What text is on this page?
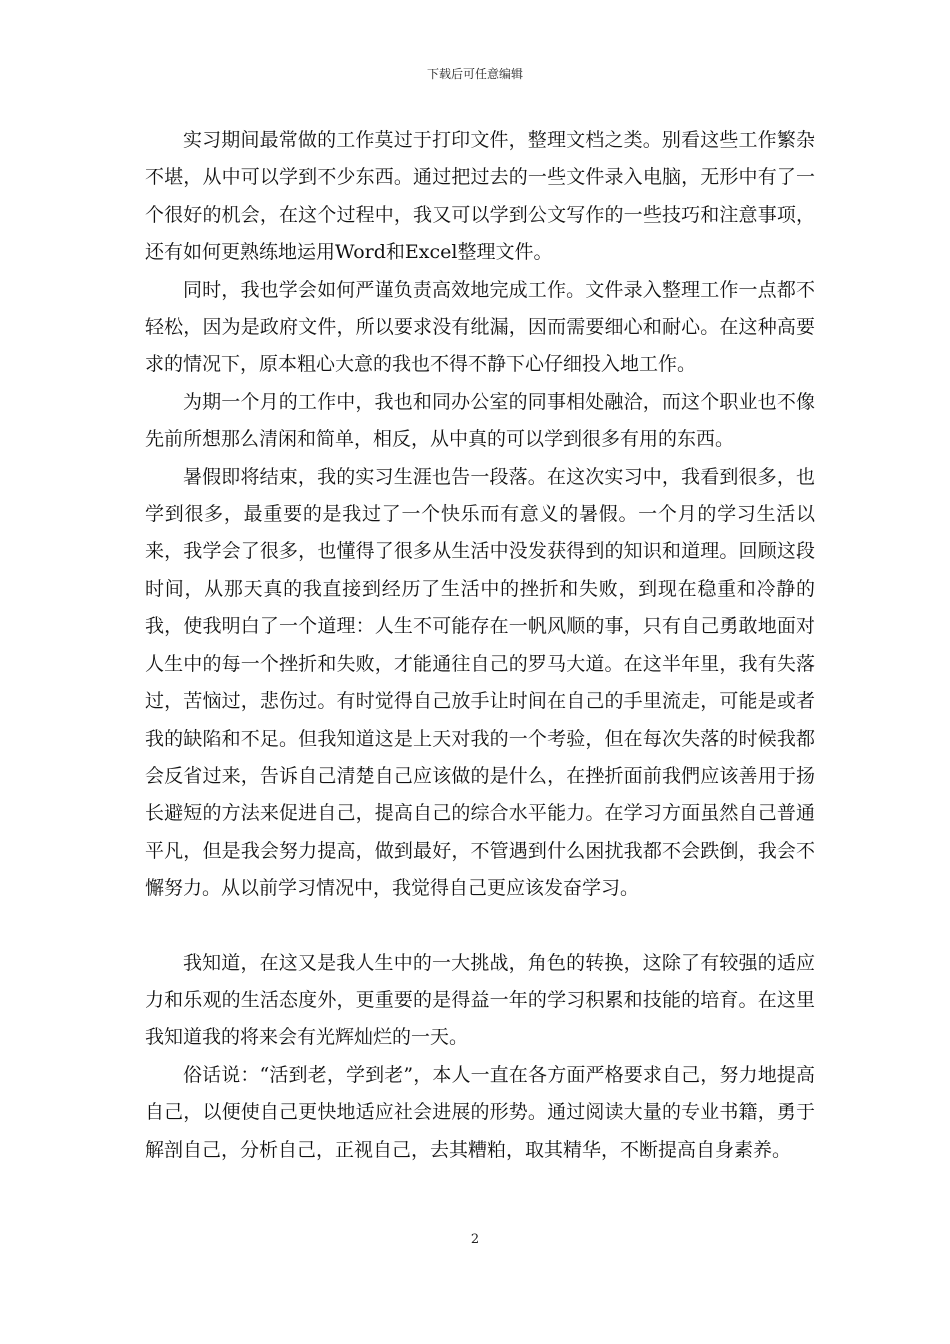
下载后可任意编辑

实习期间最常做的工作莫过于打印文件，整理文档之类。别看这些工作繁杂不堪，从中可以学到不少东西。通过把过去的一些文件录入电脑，无形中有了一个很好的机会，在这个过程中，我又可以学到公文写作的一些技巧和注意事项，还有如何更熟练地运用Word和Excel整理文件。

同时，我也学会如何严谨负责高效地完成工作。文件录入整理工作一点都不轻松，因为是政府文件，所以要求没有纰漏，因而需要细心和耐心。在这种高要求的情况下，原本粗心大意的我也不得不静下心仔细投入地工作。

为期一个月的工作中，我也和同办公室的同事相处融洽，而这个职业也不像先前所想那么清闲和简单，相反，从中真的可以学到很多有用的东西。

暑假即将结束，我的实习生涯也告一段落。在这次实习中，我看到很多，也学到很多，最重要的是我过了一个快乐而有意义的暑假。一个月的学习生活以来，我学会了很多，也懂得了很多从生活中没发获得到的知识和道理。回顾这段时间，从那天真的我直接到经历了生活中的挫折和失败，到现在稳重和冷静的我，使我明白了一个道理：人生不可能存在一帆风顺的事，只有自己勇敢地面对人生中的每一个挫折和失败，才能通往自己的罗马大道。在这半年里，我有失落过，苦恼过，悲伤过。有时觉得自己放手让时间在自己的手里流走，可能是或者我的缺陷和不足。但我知道这是上天对我的一个考验，但在每次失落的时候我都会反省过来，告诉自己清楚自己应该做的是什么，在挫折面前我們应该善用于扬长避短的方法来促进自己，提高自己的综合水平能力。在学习方面虽然自己普通平凡，但是我会努力提高，做到最好，不管遇到什么困扰我都不会跌倒，我会不懈努力。从以前学习情况中，我觉得自己更应该发奋学习。

我知道，在这又是我人生中的一大挑战，角色的转换，这除了有较强的适应力和乐观的生活态度外，更重要的是得益一年的学习积累和技能的培育。在这里我知道我的将来会有光辉灿烂的一天。

俗话说：“活到老，学到老”，本人一直在各方面严格要求自己，努力地提高自己，以便使自己更快地适应社会进展的形势。通过阅读大量的专业书籍，勇于解剖自己，分析自己，正视自己，去其糟粕，取其精华，不断提高自身素养。

2
